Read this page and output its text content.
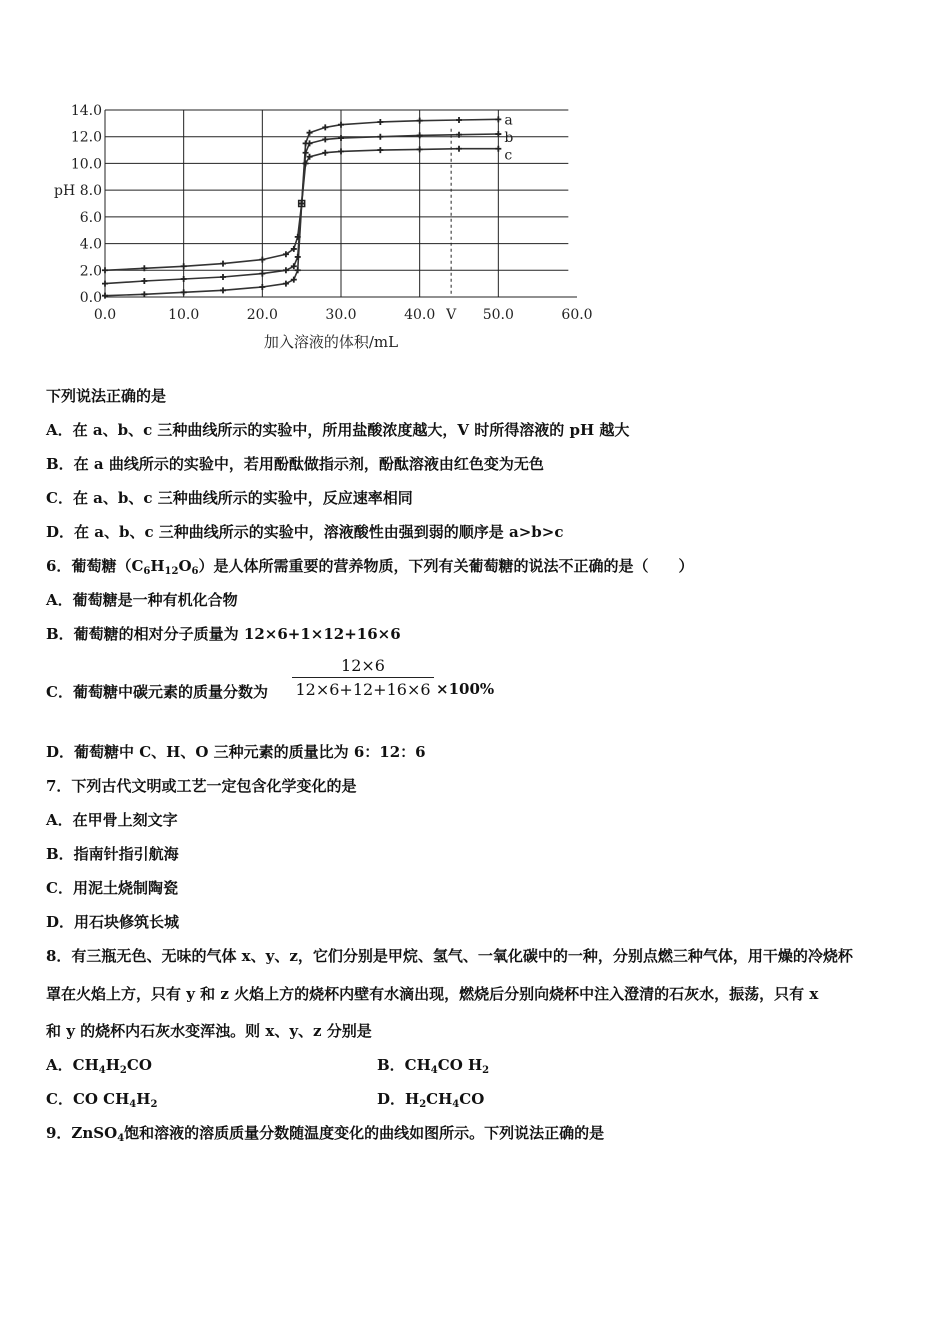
0.0
2.0
4.0
6.0
8.0
10.0
12.0
14.0
0.0	10.0	20.0	30.0	40.0	50.0	60.0
V
pH
加入溶液的体积/mL
a
b
c
下列说法正确的是
A．在 a、b、c 三种曲线所示的实验中，所用盐酸浓度越大，V 时所得溶液的 pH 越大
B．在 a 曲线所示的实验中，若用酚酞做指示剂，酚酞溶液由红色变为无色
C．在 a、b、c 三种曲线所示的实验中，反应速率相同
D．在 a、b、c 三种曲线所示的实验中，溶液酸性由强到弱的顺序是 a>b>c
6．葡萄糖$(C_6H_{12}O_6)$是人体所需重要的营养物质，下列有关葡萄糖的说法不正确的是（　　）
A．葡萄糖是一种有机化合物
B．葡萄糖的相对分子质量为 12×6+1×12+16×6
C．葡萄糖中碳元素的质量分数为 $\frac{12\times 6}{12\times 6+12+16\times 6} \times 100\%$
D．葡萄糖中 C、H、O 三种元素的质量比为 6：12：6
7．下列古代文明或工艺一定包含化学变化的是
A．在甲骨上刻文字
B．指南针指引航海
C．用泥土烧制陶瓷
D．用石块修筑长城
8．有三瓶无色、无味的气体 x、y、z，它们分别是甲烷、氢气、一氧化碳中的一种，分别点燃三种气体，用干燥的冷烧杯
罩在火焰上方，只有 y 和 z 火焰上方的烧杯内壁有水滴出现，燃烧后分别向烧杯中注入澄清的石灰水，振荡，只有 x
和 y 的烧杯内石灰水变浑浊。则 x、y、z 分别是
A．$CH_4H_2CO$	B．$CH_4CO$ $H_2$
C．CO $CH_4H_2$	D．$H_2CH_4CO$
9．ZnSO$_4$饱和溶液的溶质质量分数随温度变化的曲线如图所示。下列说法正确的是
